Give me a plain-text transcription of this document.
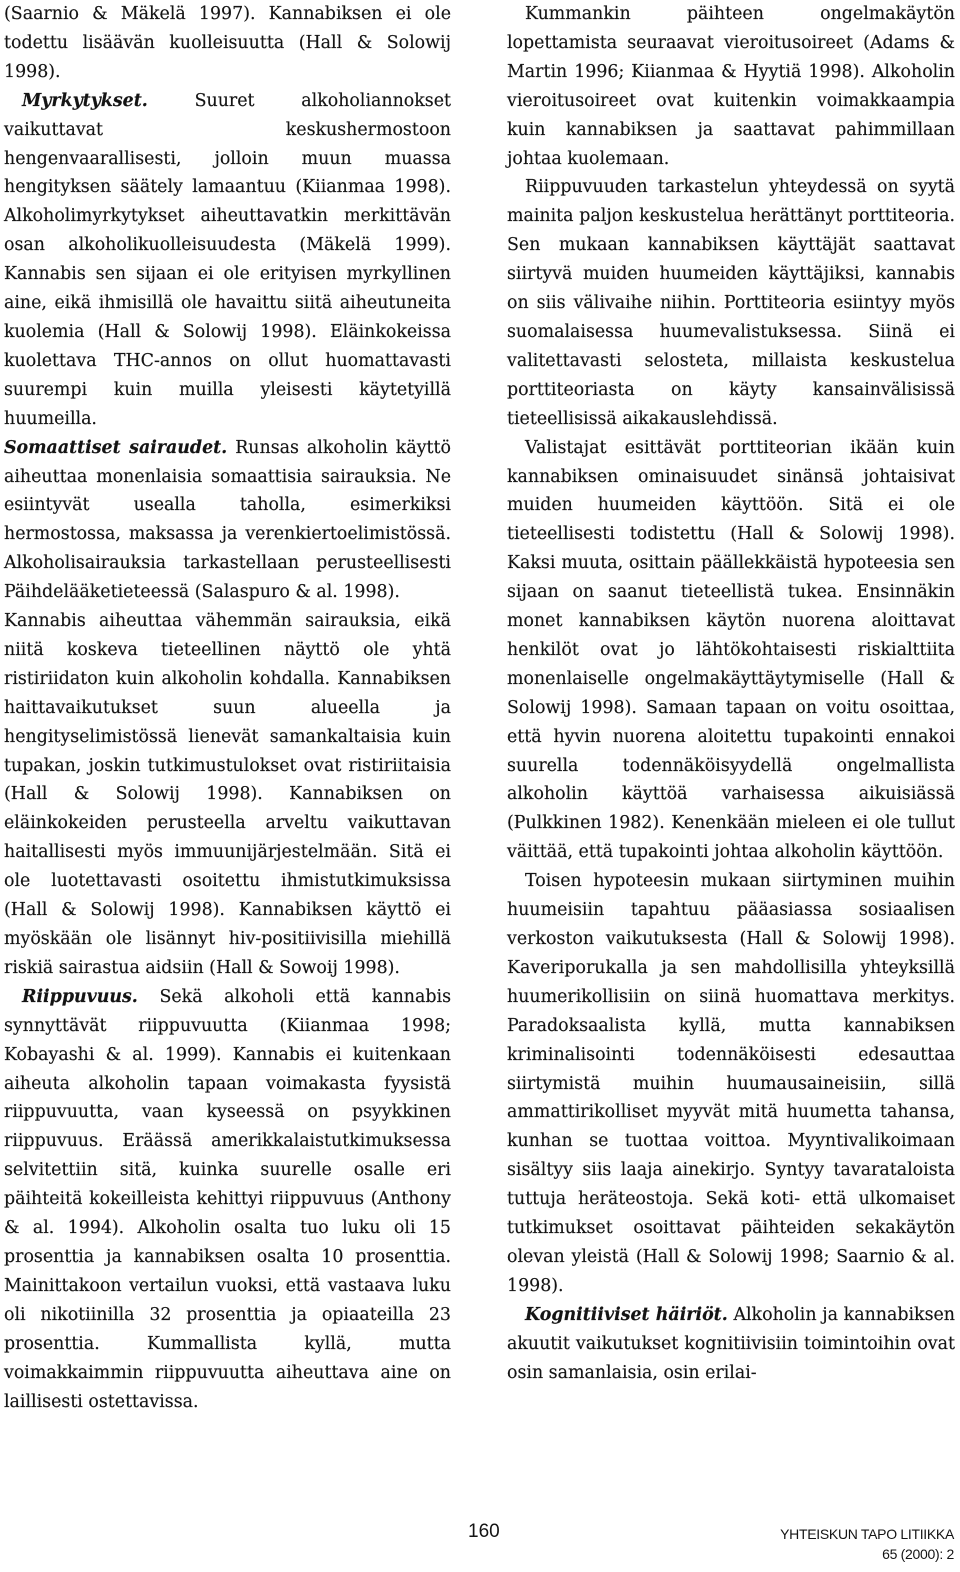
(Saarnio & Mäkelä 1997). Kannabiksen ei ole todettu lisäävän kuolleisuutta (Hall & Solowij 1998).

Myrkytykset. Suuret alkoholiannokset vaikuttavat keskushermostoon hengenvaarallisesti, jolloin muun muassa hengityksen säätely lamaantuu (Kiianmaa 1998). Alkoholimyrkytykset aiheuttavatkin merkittävän osan alkoholikuolleisuudesta (Mäkelä 1999). Kannabis sen sijaan ei ole erityisen myrkyllinen aine, eikä ihmisillä ole havaittu siitä aiheutuneita kuolemia (Hall & Solowij 1998). Eläinkokeissa kuolettava THC-annos on ollut huomattavasti suurempi kuin muilla yleisesti käytetyillä huumeilla.

Somaattiset sairaudet. Runsas alkoholin käyttö aiheuttaa monenlaisia somaattisia sairauksia. Ne esiintyvät usealla taholla, esimerkiksi hermostossa, maksassa ja verenkiertoelimistössä. Alkoholisairauksia tarkastellaan perusteellisesti Päihdelääketieteessä (Salaspuro & al. 1998).

Kannabis aiheuttaa vähemmän sairauksia, eikä niitä koskeva tieteellinen näyttö ole yhtä ristiriidaton kuin alkoholin kohdalla. Kannabiksen haittavaikutukset suun alueella ja hengityselimistössä lienevät samankaltaisia kuin tupakan, joskin tutkimustulokset ovat ristiriitaisia (Hall & Solowij 1998). Kannabiksen on eläinkokeiden perusteella arveltu vaikuttavan haitallisesti myös immuunijärjestelmään. Sitä ei ole luotettavasti osoitettu ihmistutkimuksissa (Hall & Solowij 1998). Kannabiksen käyttö ei myöskään ole lisännyt hiv-positiivisilla miehillä riskiä sairastua aidsiin (Hall & Sowoij 1998).

Riippuvuus. Sekä alkoholi että kannabis synnyttävät riippuvuutta (Kiianmaa 1998; Kobayashi & al. 1999). Kannabis ei kuitenkaan aiheuta alkoholin tapaan voimakasta fyysistä riippuvuutta, vaan kyseessä on psyykkinen riippuvuus. Eräässä amerikkalaistutkimuksessa selvitettiin sitä, kuinka suurelle osalle eri päihteitä kokeilleista kehittyi riippuvuus (Anthony & al. 1994). Alkoholin osalta tuo luku oli 15 prosenttia ja kannabiksen osalta 10 prosenttia. Mainittakoon vertailun vuoksi, että vastaava luku oli nikotiinilla 32 prosenttia ja opiaateilla 23 prosenttia. Kummallista kyllä, mutta voimakkaimmin riippuvuutta aiheuttava aine on laillisesti ostettavissa.

Kummankin päihteen ongelmakäytön lopettamista seuraavat vieroitusoireet (Adams & Martin 1996; Kiianmaa & Hyytiä 1998). Alkoholin vieroitusoireet ovat kuitenkin voimakkaampia kuin kannabiksen ja saattavat pahimmillaan johtaa kuolemaan.

Riippuvuuden tarkastelun yhteydessä on syytä mainita paljon keskustelua herättänyt porttiteoria. Sen mukaan kannabiksen käyttäjät saattavat siirtyvä muiden huumeiden käyttäjiksi, kannabis on siis välivaihe niihin. Porttiteoria esiintyy myös suomalaisessa huumevalistuksessa. Siinä ei valitettavasti selosteta, millaista keskustelua porttiteoriasta on käyty kansainvälisissä tieteellisissä aikakauslehdissä.

Valistajat esittävät porttiteorian ikään kuin kannabiksen ominaisuudet sinänsä johtaisivat muiden huumeiden käyttöön. Sitä ei ole tieteellisesti todistettu (Hall & Solowij 1998). Kaksi muuta, osittain päällekkäistä hypoteesia sen sijaan on saanut tieteellistä tukea. Ensinnäkin monet kannabiksen käytön nuorena aloittavat henkilöt ovat jo lähtökohtaisesti riskialttiita monenlaiselle ongelmakäyttäytymiselle (Hall & Solowij 1998). Samaan tapaan on voitu osoittaa, että hyvin nuorena aloitettu tupakointi ennakoi suurella todennäköisyydellä ongelmallista alkoholin käyttöä varhaisessa aikuisiässä (Pulkkinen 1982). Kenenkään mieleen ei ole tullut väittää, että tupakointi johtaa alkoholin käyttöön.

Toisen hypoteesin mukaan siirtyminen muihin huumeisiin tapahtuu pääasiassa sosiaalisen verkoston vaikutuksesta (Hall & Solowij 1998). Kaveriporukalla ja sen mahdollisilla yhteyksillä huumerikollisiin on siinä huomattava merkitys. Paradoksaalista kyllä, mutta kannabiksen kriminalisointi todennäköisesti edesauttaa siirtymistä muihin huumausaineisiin, sillä ammattirikolliset myyvät mitä huumetta tahansa, kunhan se tuottaa voittoa. Myyntivalikoimaan sisältyy siis laaja ainekirjo. Syntyy tavarataloista tuttuja heräteostoja. Sekä koti- että ulkomaiset tutkimukset osoittavat päihteiden sekakäytön olevan yleistä (Hall & Solowij 1998; Saarnio & al. 1998).

Kognitiiviset häiriöt. Alkoholin ja kannabiksen akuutit vaikutukset kognitiivisiin toimintoihin ovat osin samanlaisia, osin erilai-

160	YHTEISKUN TAPO LITIIKKA
65 (2000): 2
